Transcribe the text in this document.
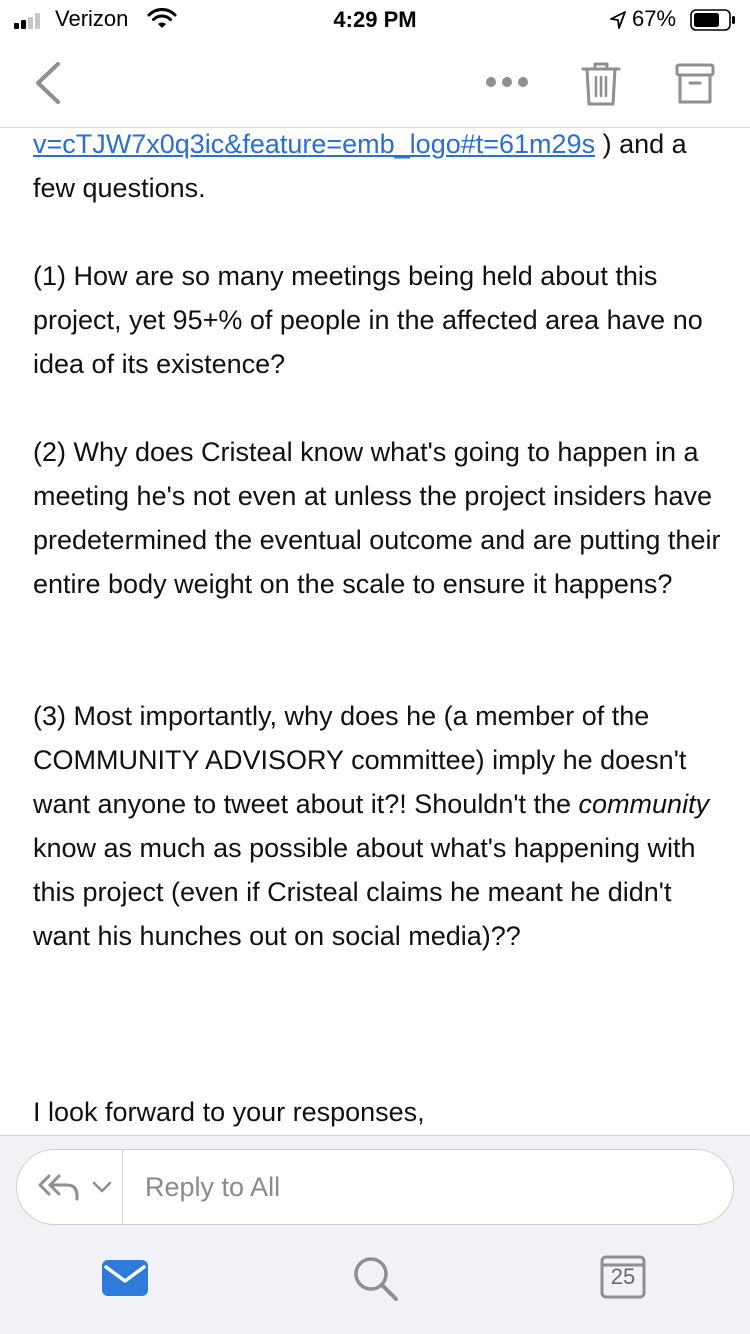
Verizon	4:29 PM	67%

v=cTJW7x0q3ic&feature=emb_logo#t=61m29s ) and a
few questions.

(1) How are so many meetings being held about this project, yet 95+% of people in the affected area have no idea of its existence?

(2) Why does Cristeal know what's going to happen in a meeting he's not even at unless the project insiders have predetermined the eventual outcome and are putting their entire body weight on the scale to ensure it happens?

(3) Most importantly, why does he (a member of the COMMUNITY ADVISORY committee) imply he doesn't want anyone to tweet about it?! Shouldn't the community know as much as possible about what's happening with this project (even if Cristeal claims he meant he didn't want his hunches out on social media)??

I look forward to your responses,

Reply to All
25
